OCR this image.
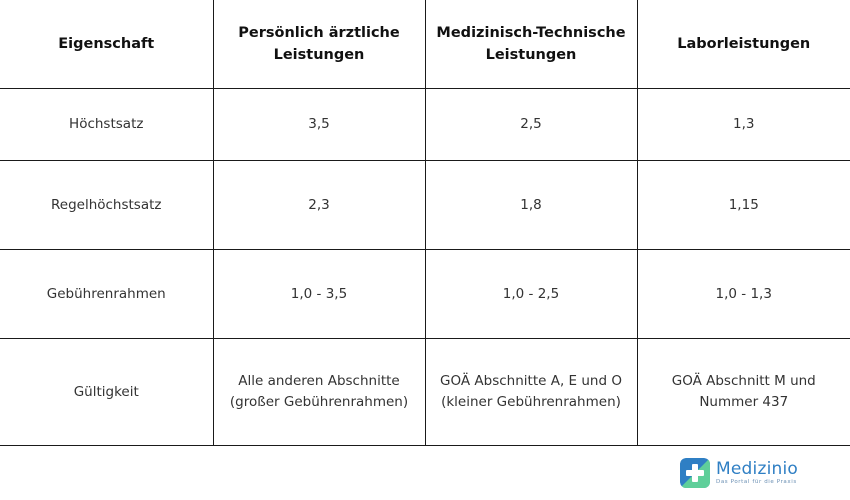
Eigenschaft	Persönlich ärztliche Leistungen	Medizinisch-Technische Leistungen	Laborleistungen
Höchstsatz	3,5	2,5	1,3
Regelhöchstsatz	2,3	1,8	1,15
Gebührenrahmen	1,0 - 3,5	1,0 - 2,5	1,0 - 1,3
Gültigkeit	Alle anderen Abschnitte (großer Gebührenrahmen)	GOÄ Abschnitte A, E und O (kleiner Gebührenrahmen)	GOÄ Abschnitt M und Nummer 437
Medizinio
Das Portal für die Praxis
